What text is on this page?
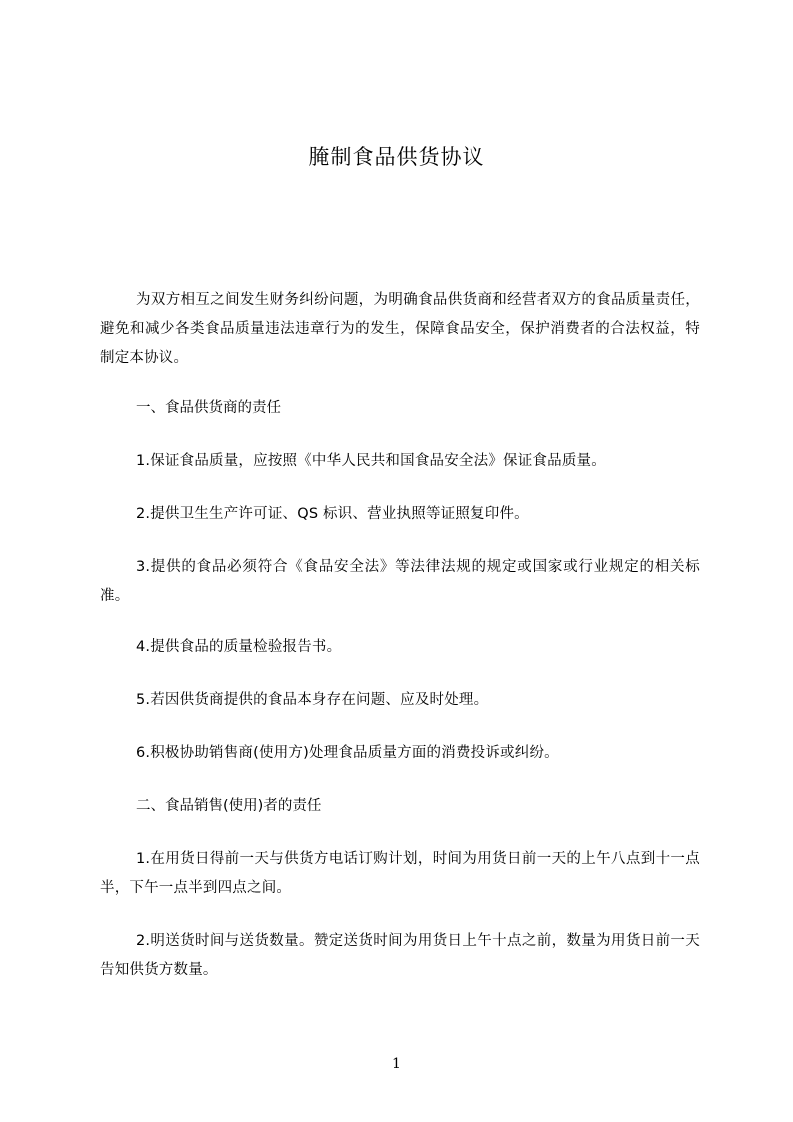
腌制食品供货协议
为双方相互之间发生财务纠纷问题，为明确食品供货商和经营者双方的食品质量责任，避免和减少各类食品质量违法违章行为的发生，保障食品安全，保护消费者的合法权益，特制定本协议。
一、食品供货商的责任
1.保证食品质量，应按照《中华人民共和国食品安全法》保证食品质量。
2.提供卫生生产许可证、QS 标识、营业执照等证照复印件。
3.提供的食品必须符合《食品安全法》等法律法规的规定或国家或行业规定的相关标准。
4.提供食品的质量检验报告书。
5.若因供货商提供的食品本身存在问题、应及时处理。
6.积极协助销售商(使用方)处理食品质量方面的消费投诉或纠纷。
二、食品销售(使用)者的责任
1.在用货日得前一天与供货方电话订购计划，时间为用货日前一天的上午八点到十一点半，下午一点半到四点之间。
2.明送货时间与送货数量。赞定送货时间为用货日上午十点之前，数量为用货日前一天告知供货方数量。
1
